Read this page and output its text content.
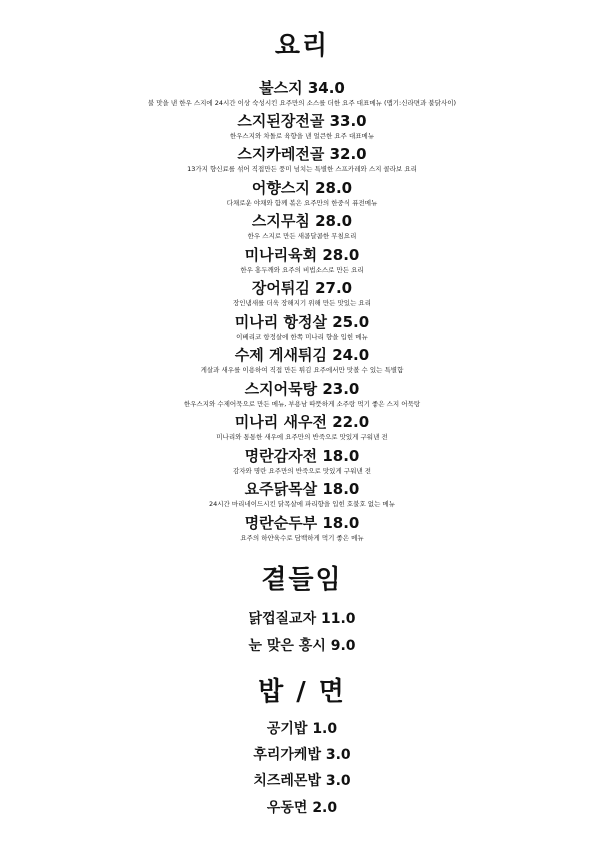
요리
불스지 34.0
불 맛을 낸 한우 스지에 24시간 이상 숙성시킨 요주만의 소스를 더한 요주 대표메뉴 (맵기:신라면과 불닭사이)
스지된장전골 33.0
한우스지와 차돌로 육향을 낸 얼큰한 요주 대표메뉴
스지카레전골 32.0
13가지 향신료를 섞어 직접만든 풍미 넘치는 특별한 스프카레와 스지 콜라보 요리
어향스지 28.0
다채로운 야채와 함께 볶은 요주만의 한중식 퓨전메뉴
스지무침 28.0
한우 스지로 만든 새콤달콤한 무침요리
미나리육회 28.0
한우 홍두깨와 요주의 비법소스로 만든 요리
장어튀김 27.0
장인냄새를 더욱 장해지기 위해 만든 맛있는 요리
미나리 항정살 25.0
이베리코 항정살에 한쪽 미나리 향을 입힌 메뉴
수제 게새튀김 24.0
게살과 새우를 이용하여 직접 만든 튀김 요주에서만 맛볼 수 있는 특별함
스지어묵탕 23.0
한우스지와 수제어묵으로 만든 메뉴, 부용남 따뜻하게 소주랑 먹기 좋은 스지 어묵탕
미나리 새우전 22.0
미나리와 통통한 새우에 요주만의 반죽으로 맛있게 구워낸 전
명란감자전 18.0
감자와 명란 요주만의 반죽으로 맛있게 구워낸 전
요주닭목살 18.0
24시간 마리네이드시킨 닭목살에 파리향을 입힌 호불호 없는 메뉴
명란순두부 18.0
요주의 하얀육수로 담백하게 먹기 좋은 메뉴
곁들임
닭껍질교자 11.0
눈 맞은 홍시 9.0
밥 / 면
공기밥 1.0
후리가케밥 3.0
치즈레몬밥 3.0
우동면 2.0
